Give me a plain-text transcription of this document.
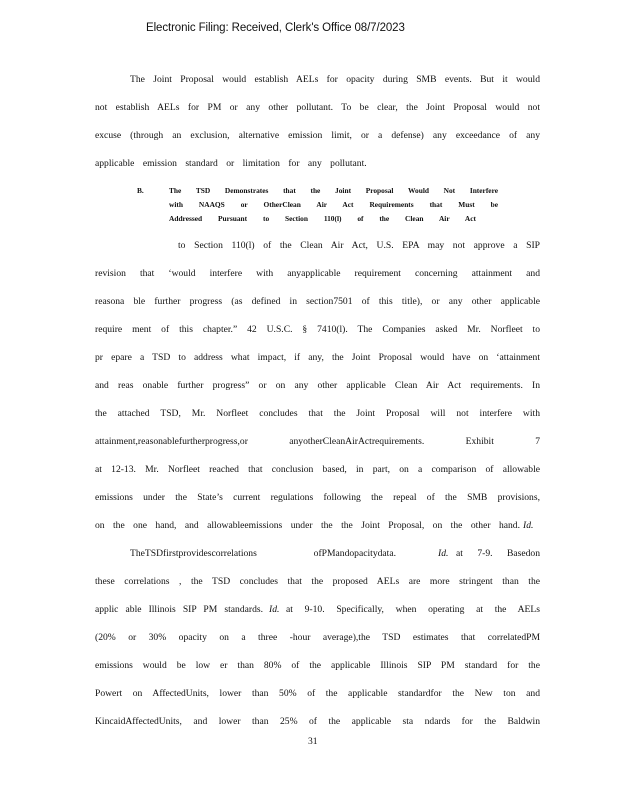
Electronic Filing: Received, Clerk's Office 08/7/2023
The Joint Proposal would establish AELs for opacity during SMB events. But it would
not establish AELs for PM or any other pollutant. To be clear, the Joint Proposal would not
excuse (through an exclusion, alternative emission limit, or a defense) any exceedance of any
applicable emission standard or limitation for any pollutant.
B.	The TSD Demonstrates that the Joint Proposal Would Not Interfere
with NAAQS or OtherClean Air Act Requirements that Must be
Addressed Pursuant to Section 110(l) of the Clean Air Act
to Section 110(l) of the Clean Air Act, U.S. EPA may not approve a SIP
revision that ‘would interfere with anyapplicable requirement concerning attainment and
reasona ble further progress (as defined in section7501 of this title), or any other applicable
require ment of this chapter.” 42 U.S.C. § 7410(l). The Companies asked Mr. Norfleet to
pr epare a TSD to address what impact, if any, the Joint Proposal would have on ‘attainment
and reas onable further progress” or on any other applicable Clean Air Act requirements. In
the attached TSD, Mr. Norfleet concludes that the Joint Proposal will not interfere with
attainment,reasonablefurtherprogress,or anyotherCleanAirActrequirements. Exhibit 7
at 12-13. Mr. Norfleet reached that conclusion based, in part, on a comparison of allowable
emissions under the State’s current regulations following the repeal of the SMB provisions,
on the one hand, and allowableemissions under the the Joint Proposal, on the other hand. Id.
TheTSDfirstprovidescorrelations ofPMandopacitydata.	Id. at 7-9. Basedon
these correlations , the TSD concludes that the proposed AELs are more stringent than the
applic able Illinois SIP PM standards. Id. at 9-10. Specifically, when operating at the AELs
(20% or 30% opacity on a three -hour average),the TSD estimates that correlatedPM
emissions would be low er than 80% of the applicable Illinois SIP PM standard for the
Powert on AffectedUnits, lower than 50% of the applicable standardfor the New ton and
KincaidAffectedUnits, and lower than 25% of the applicable sta ndards for the Baldwin
31
